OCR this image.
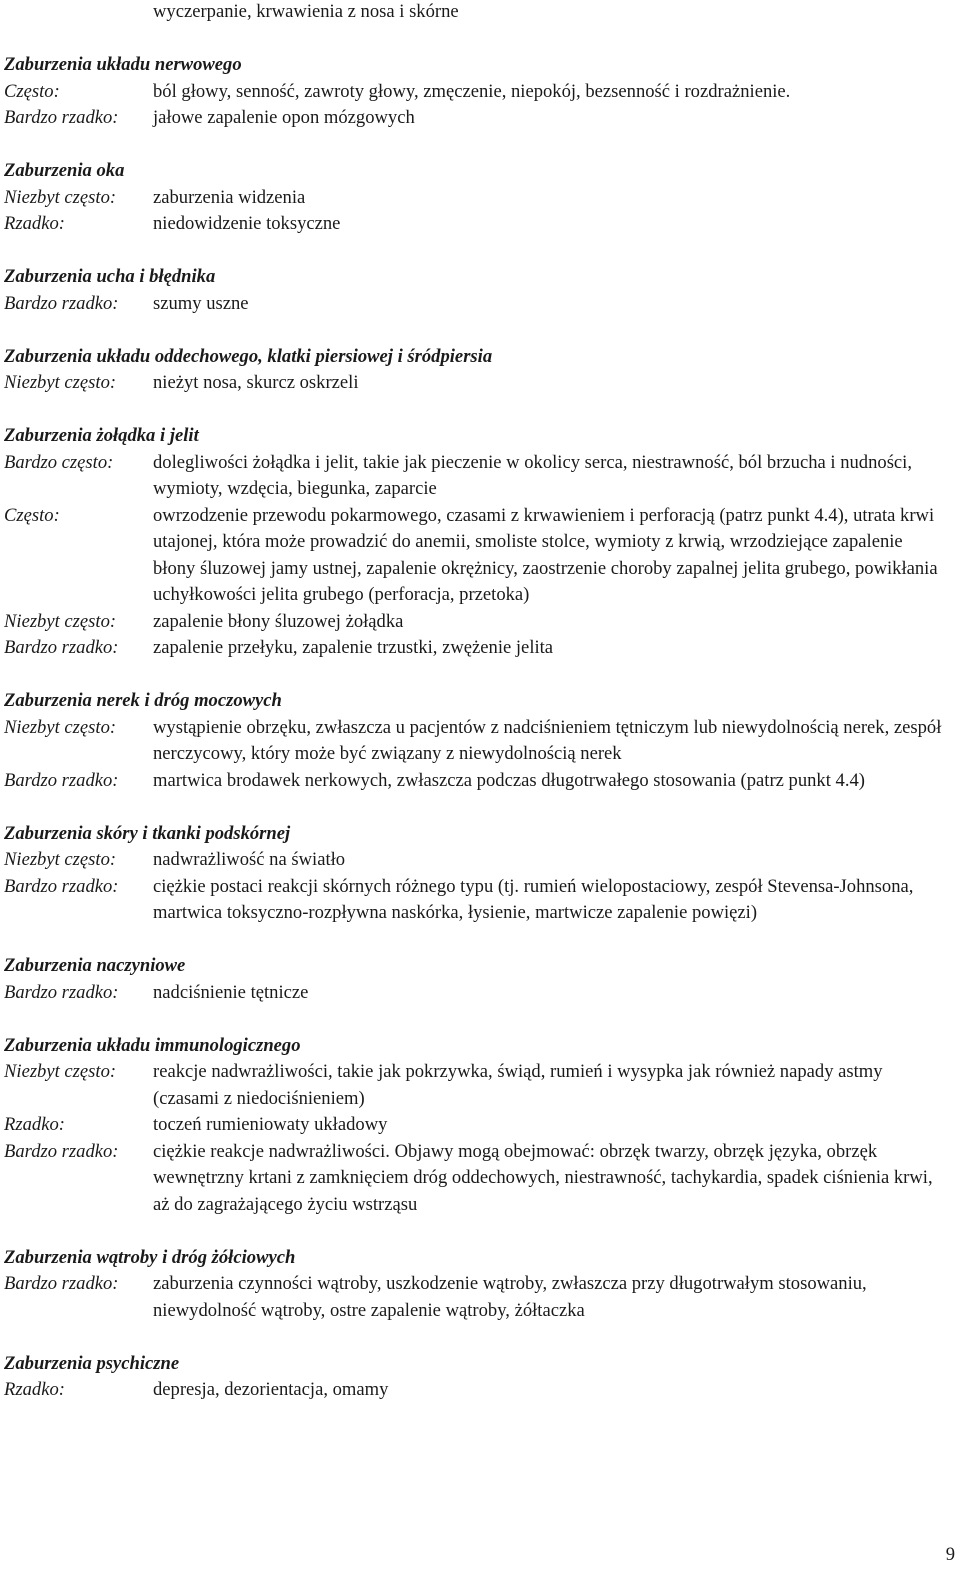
wyczerpanie, krwawienia z nosa i skórne
Zaburzenia układu nerwowego
Często:	ból głowy, senność, zawroty głowy, zmęczenie, niepokój, bezsenność i rozdrażnienie.
Bardzo rzadko:	jałowe zapalenie opon mózgowych
Zaburzenia oka
Niezbyt często:	zaburzenia widzenia
Rzadko:	niedowidzenie toksyczne
Zaburzenia ucha i błędnika
Bardzo rzadko:	szumy uszne
Zaburzenia układu oddechowego, klatki piersiowej i śródpiersia
Niezbyt często:	nieżyt nosa, skurcz oskrzeli
Zaburzenia żołądka i jelit
Bardzo często:	dolegliwości żołądka i jelit, takie jak pieczenie w okolicy serca, niestrawność, ból brzucha i nudności, wymioty, wzdęcia, biegunka, zaparcie
Często:	owrzodzenie przewodu pokarmowego, czasami z krwawieniem i perforacją (patrz punkt 4.4), utrata krwi utajonej, która może prowadzić do anemii, smoliste stolce, wymioty z krwią, wrzodziejące zapalenie błony śluzowej jamy ustnej, zapalenie okrężnicy, zaostrzenie choroby zapalnej jelita grubego, powikłania uchyłkowości jelita grubego (perforacja, przetoka)
Niezbyt często:	zapalenie błony śluzowej żołądka
Bardzo rzadko:	zapalenie przełyku, zapalenie trzustki, zwężenie jelita
Zaburzenia nerek i dróg moczowych
Niezbyt często:	wystąpienie obrzęku, zwłaszcza u pacjentów z nadciśnieniem tętniczym lub niewydolnością nerek, zespół nerczycowy, który może być związany z niewydolnością nerek
Bardzo rzadko:	martwica brodawek nerkowych, zwłaszcza podczas długotrwałego stosowania (patrz punkt 4.4)
Zaburzenia skóry i tkanki podskórnej
Niezbyt często:	nadwrażliwość na światło
Bardzo rzadko:	ciężkie postaci reakcji skórnych różnego typu (tj. rumień wielopostaciowy, zespół Stevensa-Johnsona, martwica toksyczno-rozpływna naskórka, łysienie, martwicze zapalenie powięzi)
Zaburzenia naczyniowe
Bardzo rzadko:	nadciśnienie tętnicze
Zaburzenia układu immunologicznego
Niezbyt często:	reakcje nadwrażliwości, takie jak pokrzywka, świąd, rumień i wysypka jak również napady astmy (czasami z niedociśnieniem)
Rzadko:	toczeń rumieniowaty układowy
Bardzo rzadko:	ciężkie reakcje nadwrażliwości. Objawy mogą obejmować: obrzęk twarzy, obrzęk języka, obrzęk wewnętrzny krtani z zamknięciem dróg oddechowych, niestrawność, tachykardia, spadek ciśnienia krwi, aż do zagrażającego życiu wstrząsu
Zaburzenia wątroby i dróg żółciowych
Bardzo rzadko:	zaburzenia czynności wątroby, uszkodzenie wątroby, zwłaszcza przy długotrwałym stosowaniu, niewydolność wątroby, ostre zapalenie wątroby, żółtaczka
Zaburzenia psychiczne
Rzadko:	depresja, dezorientacja, omamy
9
